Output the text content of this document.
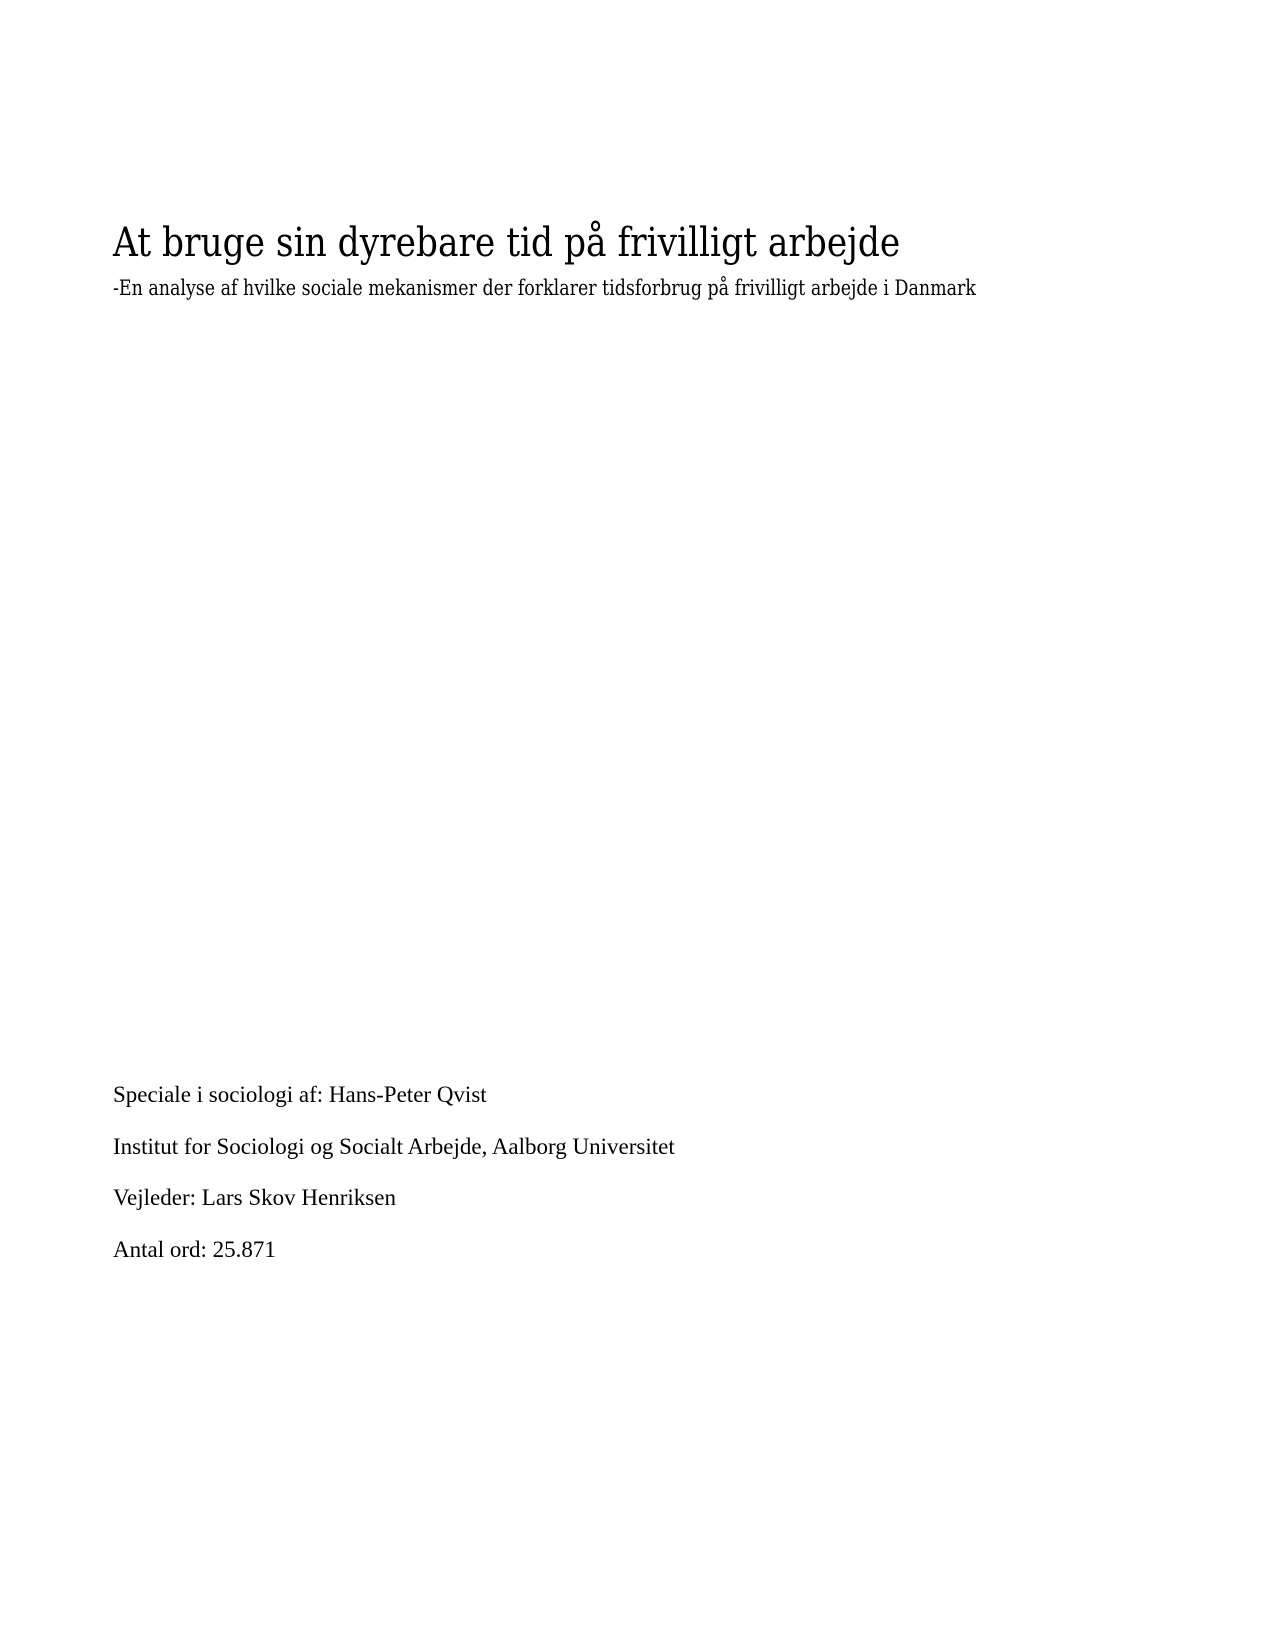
At bruge sin dyrebare tid på frivilligt arbejde
-En analyse af hvilke sociale mekanismer der forklarer tidsforbrug på frivilligt arbejde i Danmark
Speciale i sociologi af: Hans-Peter Qvist
Institut for Sociologi og Socialt Arbejde, Aalborg Universitet
Vejleder: Lars Skov Henriksen
Antal ord: 25.871
